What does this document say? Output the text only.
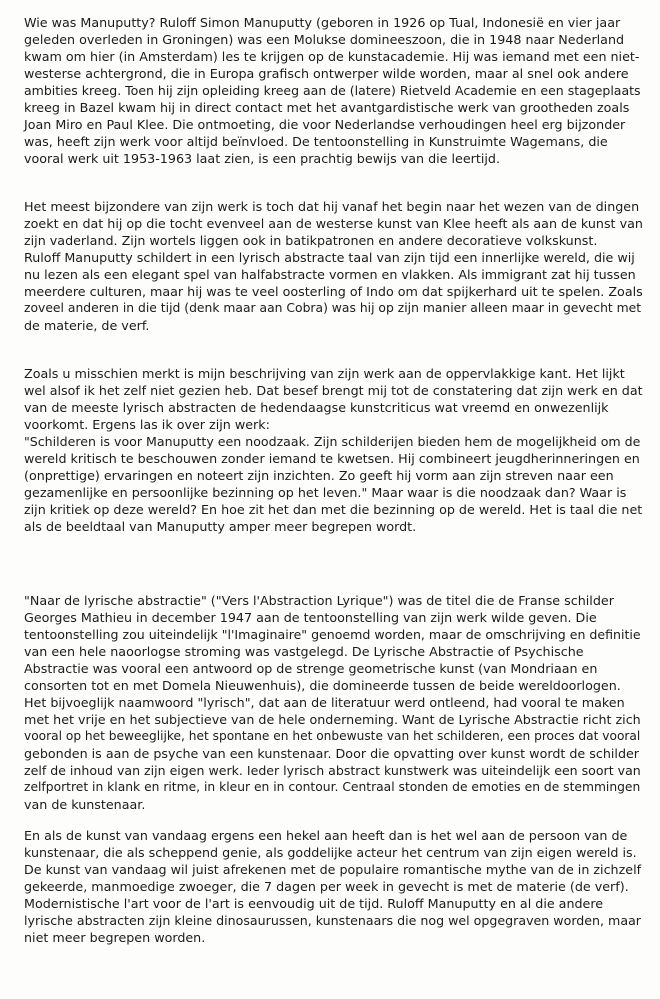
Wie was Manuputty? Ruloff Simon Manuputty (geboren in 1926 op Tual, Indonesië en vier jaar
geleden overleden in Groningen) was een Molukse domineeszoon, die in 1948 naar Nederland
kwam om hier (in Amsterdam) les te krijgen op de kunstacademie. Hij was iemand met een niet-
westerse achtergrond, die in Europa grafisch ontwerper wilde worden, maar al snel ook andere
ambities kreeg. Toen hij zijn opleiding kreeg aan de (latere) Rietveld Academie en een stageplaats
kreeg in Bazel kwam hij in direct contact met het avantgardistische werk van grootheden zoals
Joan Miro en Paul Klee. Die ontmoeting, die voor Nederlandse verhoudingen heel erg bijzonder
was, heeft zijn werk voor altijd beïnvloed. De tentoonstelling in Kunstruimte Wagemans, die
vooral werk uit 1953-1963 laat zien, is een prachtig bewijs van die leertijd.
Het meest bijzondere van zijn werk is toch dat hij vanaf het begin naar het wezen van de dingen
zoekt en dat hij op die tocht evenveel aan de westerse kunst van Klee heeft als aan de kunst van
zijn vaderland. Zijn wortels liggen ook in batikpatronen en andere decoratieve volkskunst.
Ruloff Manuputty schildert in een lyrisch abstracte taal van zijn tijd een innerlijke wereld, die wij
nu lezen als een elegant spel van halfabstracte vormen en vlakken. Als immigrant zat hij tussen
meerdere culturen, maar hij was te veel oosterling of Indo om dat spijkerhard uit te spelen. Zoals
zoveel anderen in die tijd (denk maar aan Cobra) was hij op zijn manier alleen maar in gevecht met
de materie, de verf.
Zoals u misschien merkt is mijn beschrijving van zijn werk aan de oppervlakkige kant. Het lijkt
wel alsof ik het zelf niet gezien heb. Dat besef brengt mij tot de constatering dat zijn werk en dat
van de meeste lyrisch abstracten de hedendaagse kunstcriticus wat vreemd en onwezenlijk
voorkomt. Ergens las ik over zijn werk:
"Schilderen is voor Manuputty een noodzaak. Zijn schilderijen bieden hem de mogelijkheid om de
wereld kritisch te beschouwen zonder iemand te kwetsen. Hij combineert jeugdherinneringen en
(onprettige) ervaringen en noteert zijn inzichten. Zo geeft hij vorm aan zijn streven naar een
gezamenlijke en persoonlijke bezinning op het leven." Maar waar is die noodzaak dan? Waar is
zijn kritiek op deze wereld? En hoe zit het dan met die bezinning op de wereld. Het is taal die net
als de beeldtaal van Manuputty amper meer begrepen wordt.
"Naar de lyrische abstractie" ("Vers l'Abstraction Lyrique") was de titel die de Franse schilder
Georges Mathieu in december 1947 aan de tentoonstelling van zijn werk wilde geven. Die
tentoonstelling zou uiteindelijk "l'Imaginaire" genoemd worden, maar de omschrijving en definitie
van een hele naoorlogse stroming was vastgelegd. De Lyrische Abstractie of Psychische
Abstractie was vooral een antwoord op de strenge geometrische kunst (van Mondriaan en
consorten tot en met Domela Nieuwenhuis), die domineerde tussen de beide wereldoorlogen.
Het bijvoeglijk naamwoord "lyrisch", dat aan de literatuur werd ontleend, had vooral te maken
met het vrije en het subjectieve van de hele onderneming. Want de Lyrische Abstractie richt zich
vooral op het beweeglijke, het spontane en het onbewuste van het schilderen, een proces dat vooral
gebonden is aan de psyche van een kunstenaar. Door die opvatting over kunst wordt de schilder
zelf de inhoud van zijn eigen werk. Ieder lyrisch abstract kunstwerk was uiteindelijk een soort van
zelfportret in klank en ritme, in kleur en in contour. Centraal stonden de emoties en de stemmingen
van de kunstenaar.
En als de kunst van vandaag ergens een hekel aan heeft dan is het wel aan de persoon van de
kunstenaar, die als scheppend genie, als goddelijke acteur het centrum van zijn eigen wereld is.
De kunst van vandaag wil juist afrekenen met de populaire romantische mythe van de in zichzelf
gekeerde, manmoedige zwoeger, die 7 dagen per week in gevecht is met de materie (de verf).
Modernistische l'art voor de l'art is eenvoudig uit de tijd. Ruloff Manuputty en al die andere
lyrische abstracten zijn kleine dinosaurussen, kunstenaars die nog wel opgegraven worden, maar
niet meer begrepen worden.
